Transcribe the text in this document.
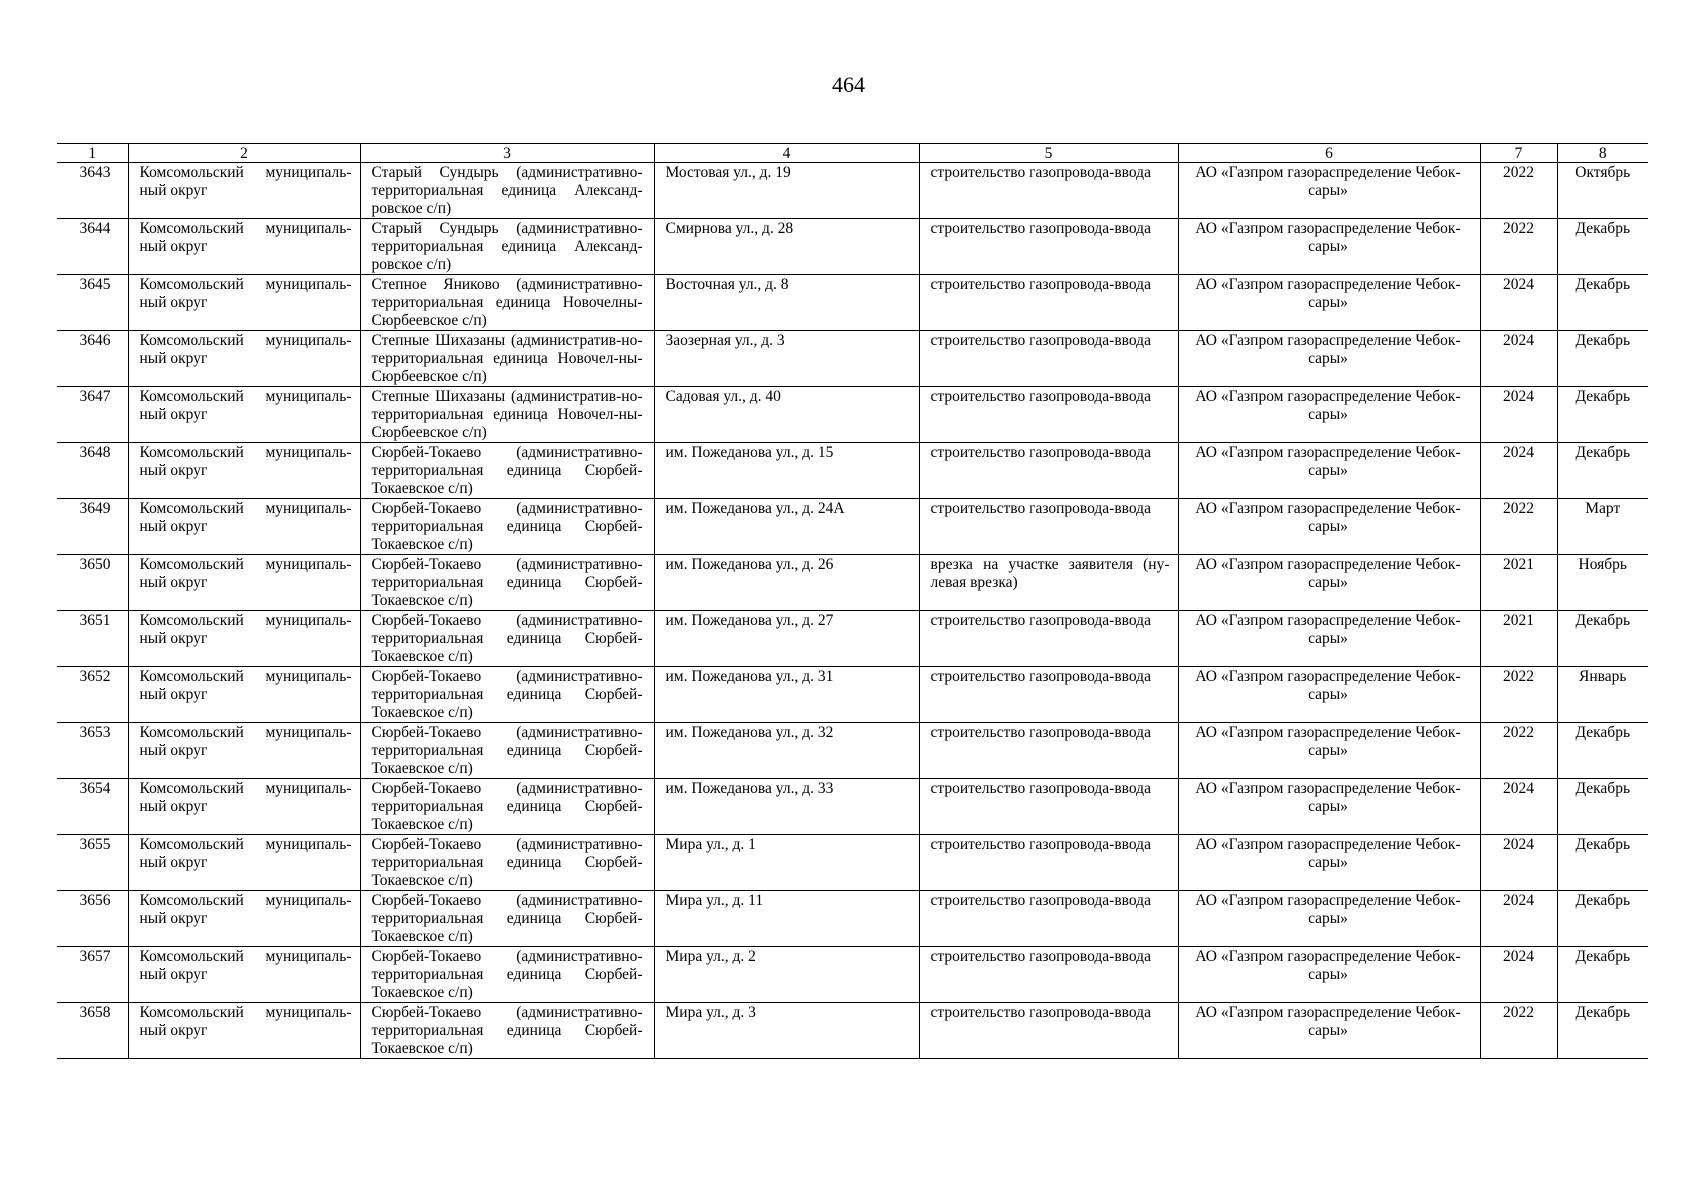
464
1	2	3	4	5	6	7	8
3643	Комсомольский муниципаль-ный округ	Старый Сундырь (административно-территориальная единица Александ-ровское с/п)	Мостовая ул., д. 19	строительство газопровода-ввода	АО «Газпром газораспределение Чебок-сары»	2022	Октябрь
3644	Комсомольский муниципаль-ный округ	Старый Сундырь (административно-территориальная единица Александ-ровское с/п)	Смирнова ул., д. 28	строительство газопровода-ввода	АО «Газпром газораспределение Чебок-сары»	2022	Декабрь
3645	Комсомольский муниципаль-ный округ	Степное Яниково (административно-территориальная единица Новочелны-Сюрбеевское с/п)	Восточная ул., д. 8	строительство газопровода-ввода	АО «Газпром газораспределение Чебок-сары»	2024	Декабрь
3646	Комсомольский муниципаль-ный округ	Степные Шихазаны (административ-но-территориальная единица Новочел-ны-Сюрбеевское с/п)	Заозерная ул., д. 3	строительство газопровода-ввода	АО «Газпром газораспределение Чебок-сары»	2024	Декабрь
3647	Комсомольский муниципаль-ный округ	Степные Шихазаны (административ-но-территориальная единица Новочел-ны-Сюрбеевское с/п)	Садовая ул., д. 40	строительство газопровода-ввода	АО «Газпром газораспределение Чебок-сары»	2024	Декабрь
3648	Комсомольский муниципаль-ный округ	Сюрбей-Токаево (административно-территориальная единица Сюрбей-Токаевское с/п)	им. Пожеданова ул., д. 15	строительство газопровода-ввода	АО «Газпром газораспределение Чебок-сары»	2024	Декабрь
3649	Комсомольский муниципаль-ный округ	Сюрбей-Токаево (административно-территориальная единица Сюрбей-Токаевское с/п)	им. Пожеданова ул., д. 24А	строительство газопровода-ввода	АО «Газпром газораспределение Чебок-сары»	2022	Март
3650	Комсомольский муниципаль-ный округ	Сюрбей-Токаево (административно-территориальная единица Сюрбей-Токаевское с/п)	им. Пожеданова ул., д. 26	врезка на участке заявителя (ну-левая врезка)	АО «Газпром газораспределение Чебок-сары»	2021	Ноябрь
3651	Комсомольский муниципаль-ный округ	Сюрбей-Токаево (административно-территориальная единица Сюрбей-Токаевское с/п)	им. Пожеданова ул., д. 27	строительство газопровода-ввода	АО «Газпром газораспределение Чебок-сары»	2021	Декабрь
3652	Комсомольский муниципаль-ный округ	Сюрбей-Токаево (административно-территориальная единица Сюрбей-Токаевское с/п)	им. Пожеданова ул., д. 31	строительство газопровода-ввода	АО «Газпром газораспределение Чебок-сары»	2022	Январь
3653	Комсомольский муниципаль-ный округ	Сюрбей-Токаево (административно-территориальная единица Сюрбей-Токаевское с/п)	им. Пожеданова ул., д. 32	строительство газопровода-ввода	АО «Газпром газораспределение Чебок-сары»	2022	Декабрь
3654	Комсомольский муниципаль-ный округ	Сюрбей-Токаево (административно-территориальная единица Сюрбей-Токаевское с/п)	им. Пожеданова ул., д. 33	строительство газопровода-ввода	АО «Газпром газораспределение Чебок-сары»	2024	Декабрь
3655	Комсомольский муниципаль-ный округ	Сюрбей-Токаево (административно-территориальная единица Сюрбей-Токаевское с/п)	Мира ул., д. 1	строительство газопровода-ввода	АО «Газпром газораспределение Чебок-сары»	2024	Декабрь
3656	Комсомольский муниципаль-ный округ	Сюрбей-Токаево (административно-территориальная единица Сюрбей-Токаевское с/п)	Мира ул., д. 11	строительство газопровода-ввода	АО «Газпром газораспределение Чебок-сары»	2024	Декабрь
3657	Комсомольский муниципаль-ный округ	Сюрбей-Токаево (административно-территориальная единица Сюрбей-Токаевское с/п)	Мира ул., д. 2	строительство газопровода-ввода	АО «Газпром газораспределение Чебок-сары»	2024	Декабрь
3658	Комсомольский муниципаль-ный округ	Сюрбей-Токаево (административно-территориальная единица Сюрбей-Токаевское с/п)	Мира ул., д. 3	строительство газопровода-ввода	АО «Газпром газораспределение Чебок-сары»	2022	Декабрь
